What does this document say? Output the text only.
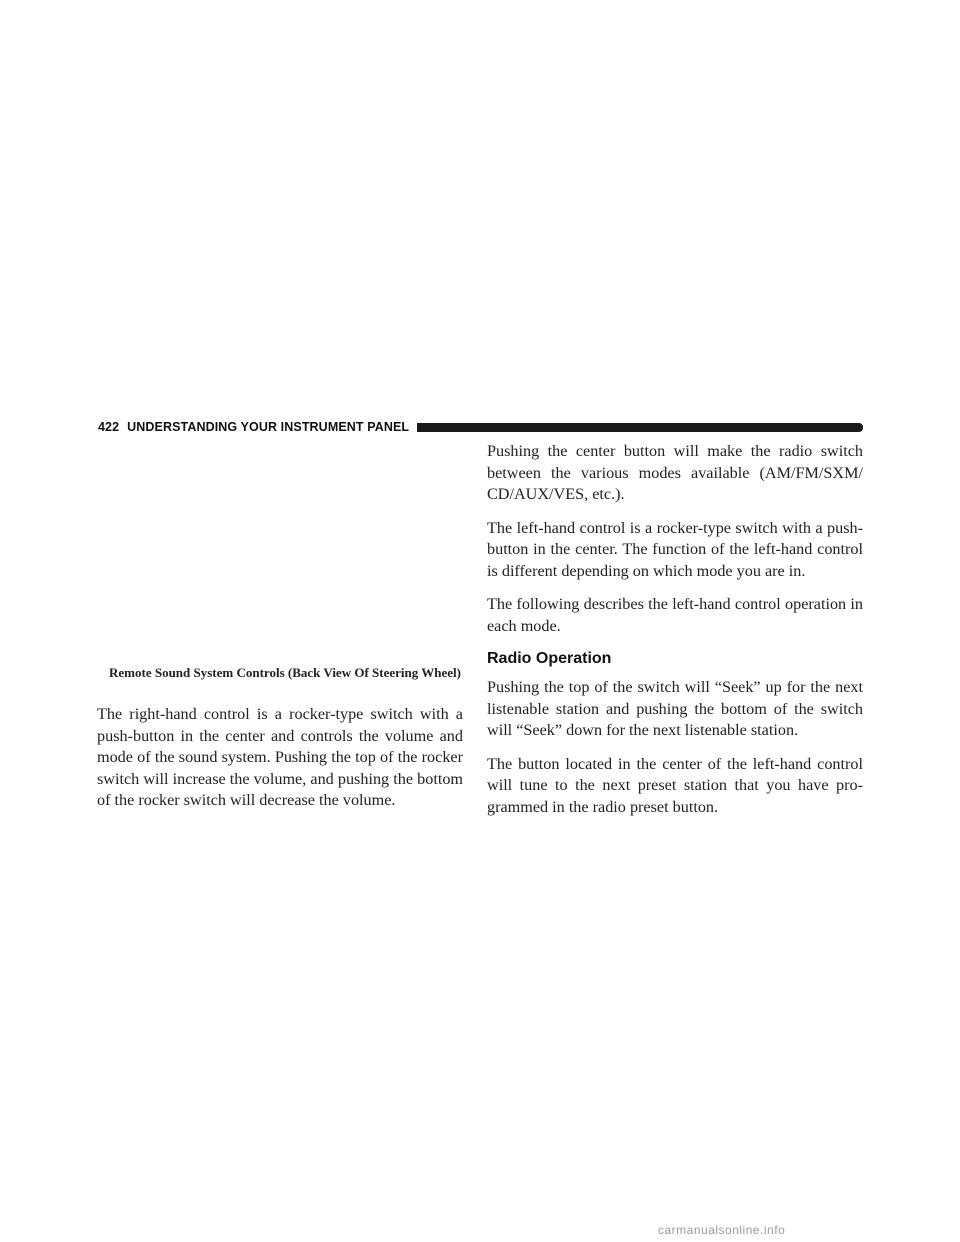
422 UNDERSTANDING YOUR INSTRUMENT PANEL
Remote Sound System Controls (Back View Of Steering Wheel)

The right-hand control is a rocker-type switch with a push-button in the center and controls the volume and mode of the sound system. Pushing the top of the rocker switch will increase the volume, and pushing the bottom of the rocker switch will decrease the volume.

Pushing the center button will make the radio switch between the various modes available (AM/FM/SXM/ CD/AUX/VES, etc.).

The left-hand control is a rocker-type switch with a push-button in the center. The function of the left-hand control is different depending on which mode you are in.

The following describes the left-hand control operation in each mode.

Radio Operation

Pushing the top of the switch will “Seek” up for the next listenable station and pushing the bottom of the switch will “Seek” down for the next listenable station.

The button located in the center of the left-hand control will tune to the next preset station that you have pro- grammed in the radio preset button.

carmanualsonline.info
